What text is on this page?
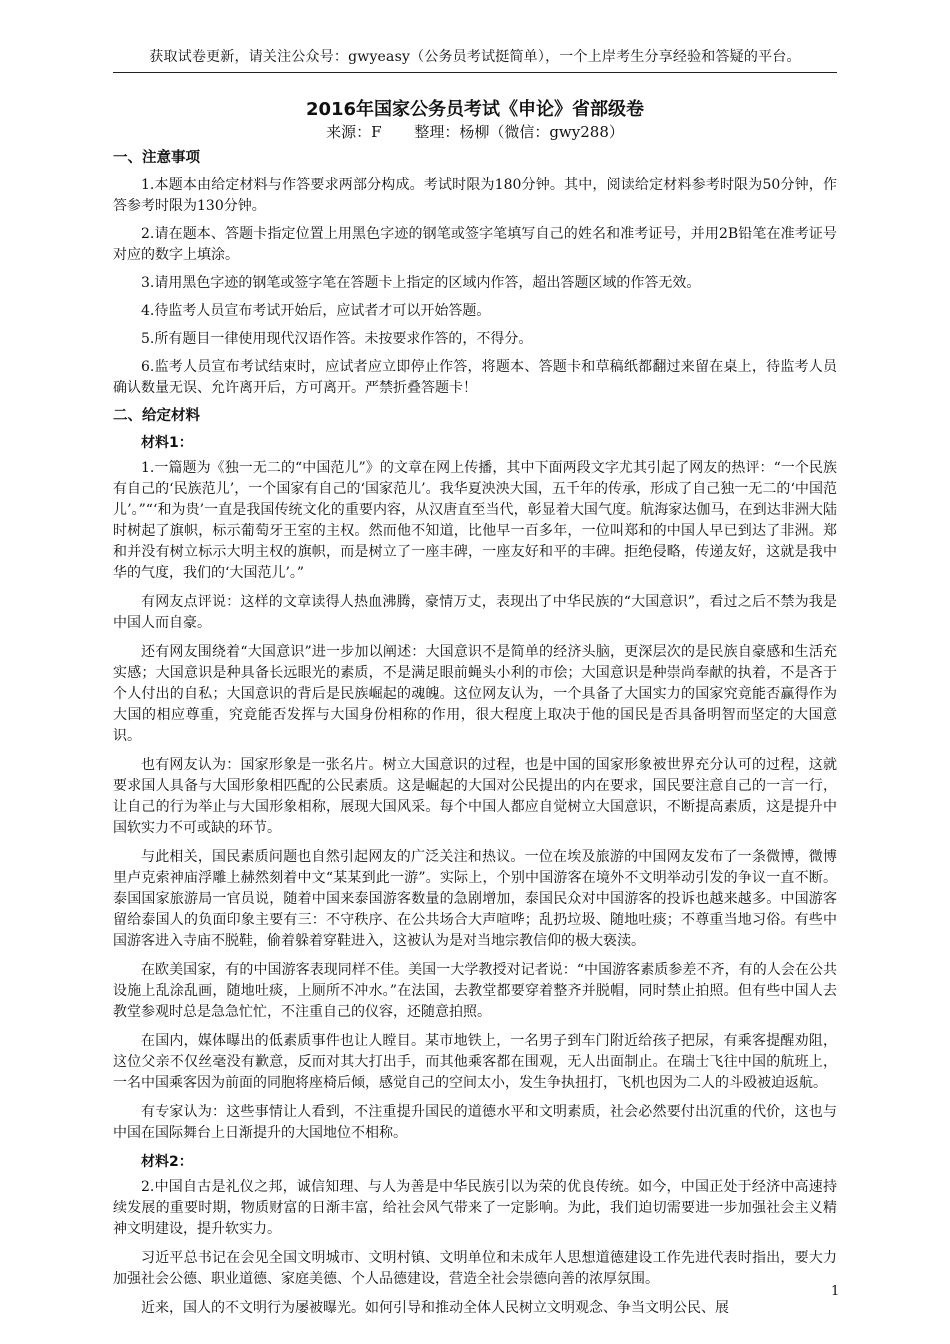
获取试卷更新，请关注公众号：gwyeasy（公务员考试挺简单），一个上岸考生分享经验和答疑的平台。
2016年国家公务员考试《申论》省部级卷
来源：F 整理：杨柳（微信：gwy288）
一、注意事项

1.本题本由给定材料与作答要求两部分构成。考试时限为180分钟。其中，阅读给定材料参考时限为50分钟，作答参考时限为130分钟。

2.请在题本、答题卡指定位置上用黑色字迹的钢笔或签字笔填写自己的姓名和准考证号，并用2B铅笔在准考证号对应的数字上填涂。

3.请用黑色字迹的钢笔或签字笔在答题卡上指定的区域内作答，超出答题区域的作答无效。

4.待监考人员宣布考试开始后，应试者才可以开始答题。

5.所有题目一律使用现代汉语作答。未按要求作答的，不得分。

6.监考人员宣布考试结束时，应试者应立即停止作答，将题本、答题卡和草稿纸都翻过来留在桌上，待监考人员确认数量无误、允许离开后，方可离开。严禁折叠答题卡！

二、给定材料
材料1：

1.一篇题为《独一无二的“中国范儿”》的文章在网上传播，其中下面两段文字尤其引起了网友的热评：“一个民族有自己的‘民族范儿’，一个国家有自己的‘国家范儿’。我华夏泱泱大国，五千年的传承，形成了自己独一无二的‘中国范儿’。”“‘和为贵’一直是我国传统文化的重要内容，从汉唐直至当代，彰显着大国气度。航海家达伽马，在到达非洲大陆时树起了旗帜，标示葡萄牙王室的主权。然而他不知道，比他早一百多年，一位叫郑和的中国人早已到达了非洲。郑和并没有树立标示大明主权的旗帜，而是树立了一座丰碑，一座友好和平的丰碑。拒绝侵略，传递友好，这就是我中华的气度，我们的‘大国范儿’。”

有网友点评说：这样的文章读得人热血沸腾，豪情万丈，表现出了中华民族的“大国意识”，看过之后不禁为我是中国人而自豪。

还有网友围绕着“大国意识”进一步加以阐述：大国意识不是简单的经济头脑，更深层次的是民族自豪感和生活充实感；大国意识是种具备长远眼光的素质，不是满足眼前蝇头小利的市侩；大国意识是种崇尚奉献的执着，不是吝于个人付出的自私；大国意识的背后是民族崛起的魂魄。这位网友认为，一个具备了大国实力的国家究竟能否赢得作为大国的相应尊重，究竟能否发挥与大国身份相称的作用，很大程度上取决于他的国民是否具备明智而坚定的大国意识。

也有网友认为：国家形象是一张名片。树立大国意识的过程，也是中国的国家形象被世界充分认可的过程，这就要求国人具备与大国形象相匹配的公民素质。这是崛起的大国对公民提出的内在要求，国民要注意自己的一言一行，让自己的行为举止与大国形象相称，展现大国风采。每个中国人都应自觉树立大国意识，不断提高素质，这是提升中国软实力不可或缺的环节。

与此相关，国民素质问题也自然引起网友的广泛关注和热议。一位在埃及旅游的中国网友发布了一条微博，微博里卢克索神庙浮雕上赫然刻着中文“某某到此一游”。实际上，个别中国游客在境外不文明举动引发的争议一直不断。泰国国家旅游局一官员说，随着中国来泰国游客数量的急剧增加，泰国民众对中国游客的投诉也越来越多。中国游客留给泰国人的负面印象主要有三：不守秩序、在公共场合大声喧哗；乱扔垃圾、随地吐痰；不尊重当地习俗。有些中国游客进入寺庙不脱鞋，偷着躲着穿鞋进入，这被认为是对当地宗教信仰的极大亵渎。

在欧美国家，有的中国游客表现同样不佳。美国一大学教授对记者说：“中国游客素质参差不齐，有的人会在公共设施上乱涂乱画，随地吐痰，上厕所不冲水。”在法国，去教堂都要穿着整齐并脱帽，同时禁止拍照。但有些中国人去教堂参观时总是急急忙忙，不注重自己的仪容，还随意拍照。

在国内，媒体曝出的低素质事件也让人瞠目。某市地铁上，一名男子到车门附近给孩子把尿，有乘客提醒劝阻，这位父亲不仅丝毫没有歉意，反而对其大打出手，而其他乘客都在围观，无人出面制止。在瑞士飞往中国的航班上，一名中国乘客因为前面的同胞将座椅后倾，感觉自己的空间太小，发生争执扭打，飞机也因为二人的斗殴被迫返航。

有专家认为：这些事情让人看到，不注重提升国民的道德水平和文明素质，社会必然要付出沉重的代价，这也与中国在国际舞台上日渐提升的大国地位不相称。

材料2：

2.中国自古是礼仪之邦，诚信知理、与人为善是中华民族引以为荣的优良传统。如今，中国正处于经济中高速持续发展的重要时期，物质财富的日渐丰富，给社会风气带来了一定影响。为此，我们迫切需要进一步加强社会主义精神文明建设，提升软实力。

习近平总书记在会见全国文明城市、文明村镇、文明单位和未成年人思想道德建设工作先进代表时指出，要大力加强社会公德、职业道德、家庭美德、个人品德建设，营造全社会崇德向善的浓厚氛围。

近来，国人的不文明行为屡被曝光。如何引导和推动全体人民树立文明观念、争当文明公民、展

1
